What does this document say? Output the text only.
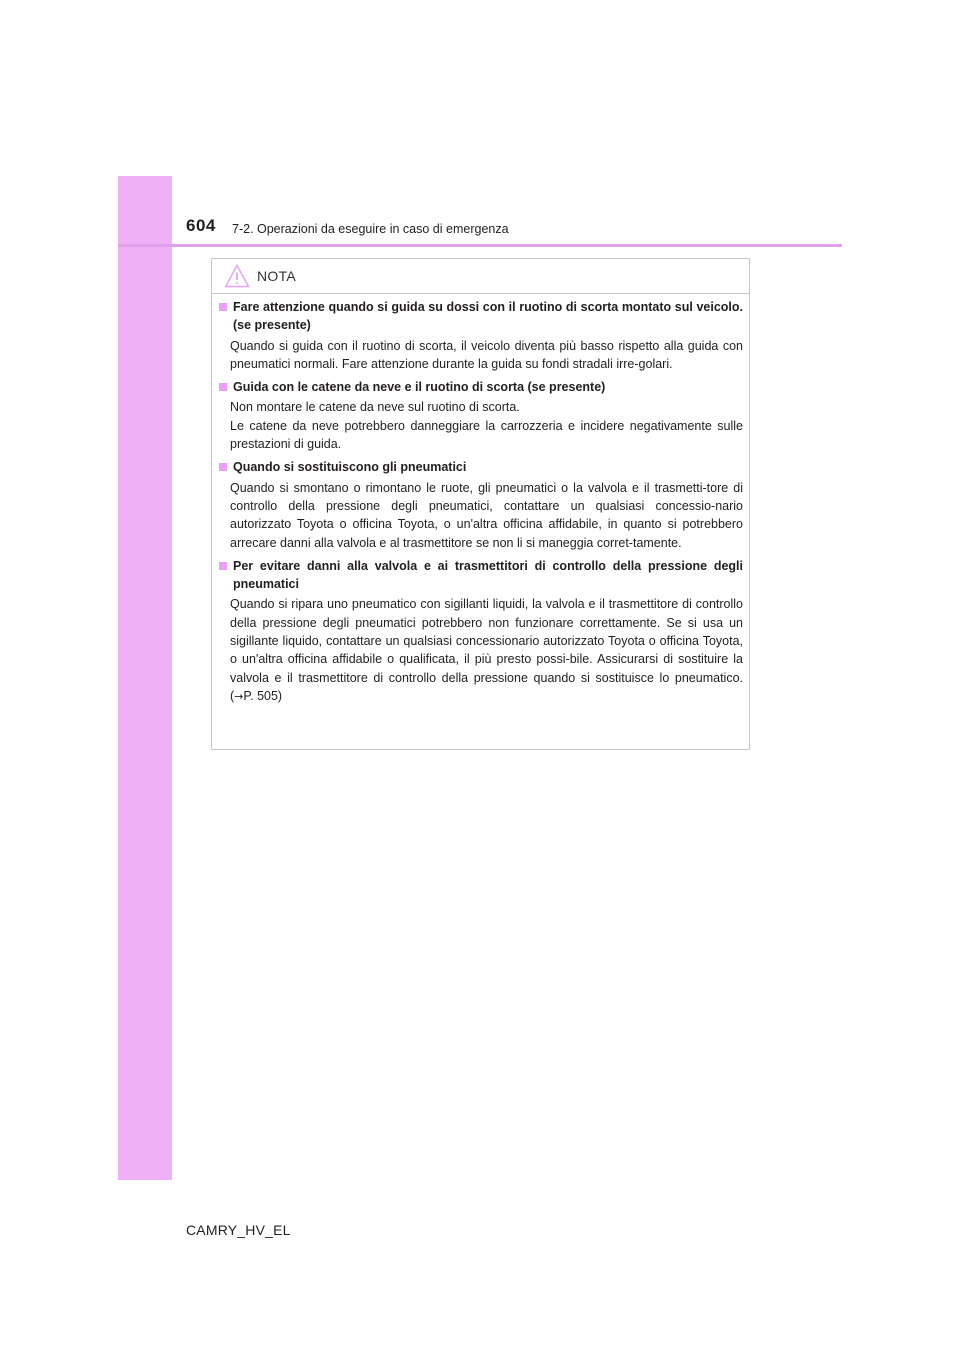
604 7-2. Operazioni da eseguire in caso di emergenza
NOTA
Fare attenzione quando si guida su dossi con il ruotino di scorta montato sul veicolo. (se presente)

Quando si guida con il ruotino di scorta, il veicolo diventa più basso rispetto alla guida con pneumatici normali. Fare attenzione durante la guida su fondi stradali irre-golari.

Guida con le catene da neve e il ruotino di scorta (se presente)

Non montare le catene da neve sul ruotino di scorta.

Le catene da neve potrebbero danneggiare la carrozzeria e incidere negativamente sulle prestazioni di guida.

Quando si sostituiscono gli pneumatici

Quando si smontano o rimontano le ruote, gli pneumatici o la valvola e il trasmetti-tore di controllo della pressione degli pneumatici, contattare un qualsiasi concessio-nario autorizzato Toyota o officina Toyota, o un'altra officina affidabile, in quanto si potrebbero arrecare danni alla valvola e al trasmettitore se non li si maneggia corret-tamente.

Per evitare danni alla valvola e ai trasmettitori di controllo della pressione degli pneumatici

Quando si ripara uno pneumatico con sigillanti liquidi, la valvola e il trasmettitore di controllo della pressione degli pneumatici potrebbero non funzionare correttamente. Se si usa un sigillante liquido, contattare un qualsiasi concessionario autorizzato Toyota o officina Toyota, o un'altra officina affidabile o qualificata, il più presto possi-bile. Assicurarsi di sostituire la valvola e il trasmettitore di controllo della pressione quando si sostituisce lo pneumatico. (→P. 505)

CAMRY_HV_EL
